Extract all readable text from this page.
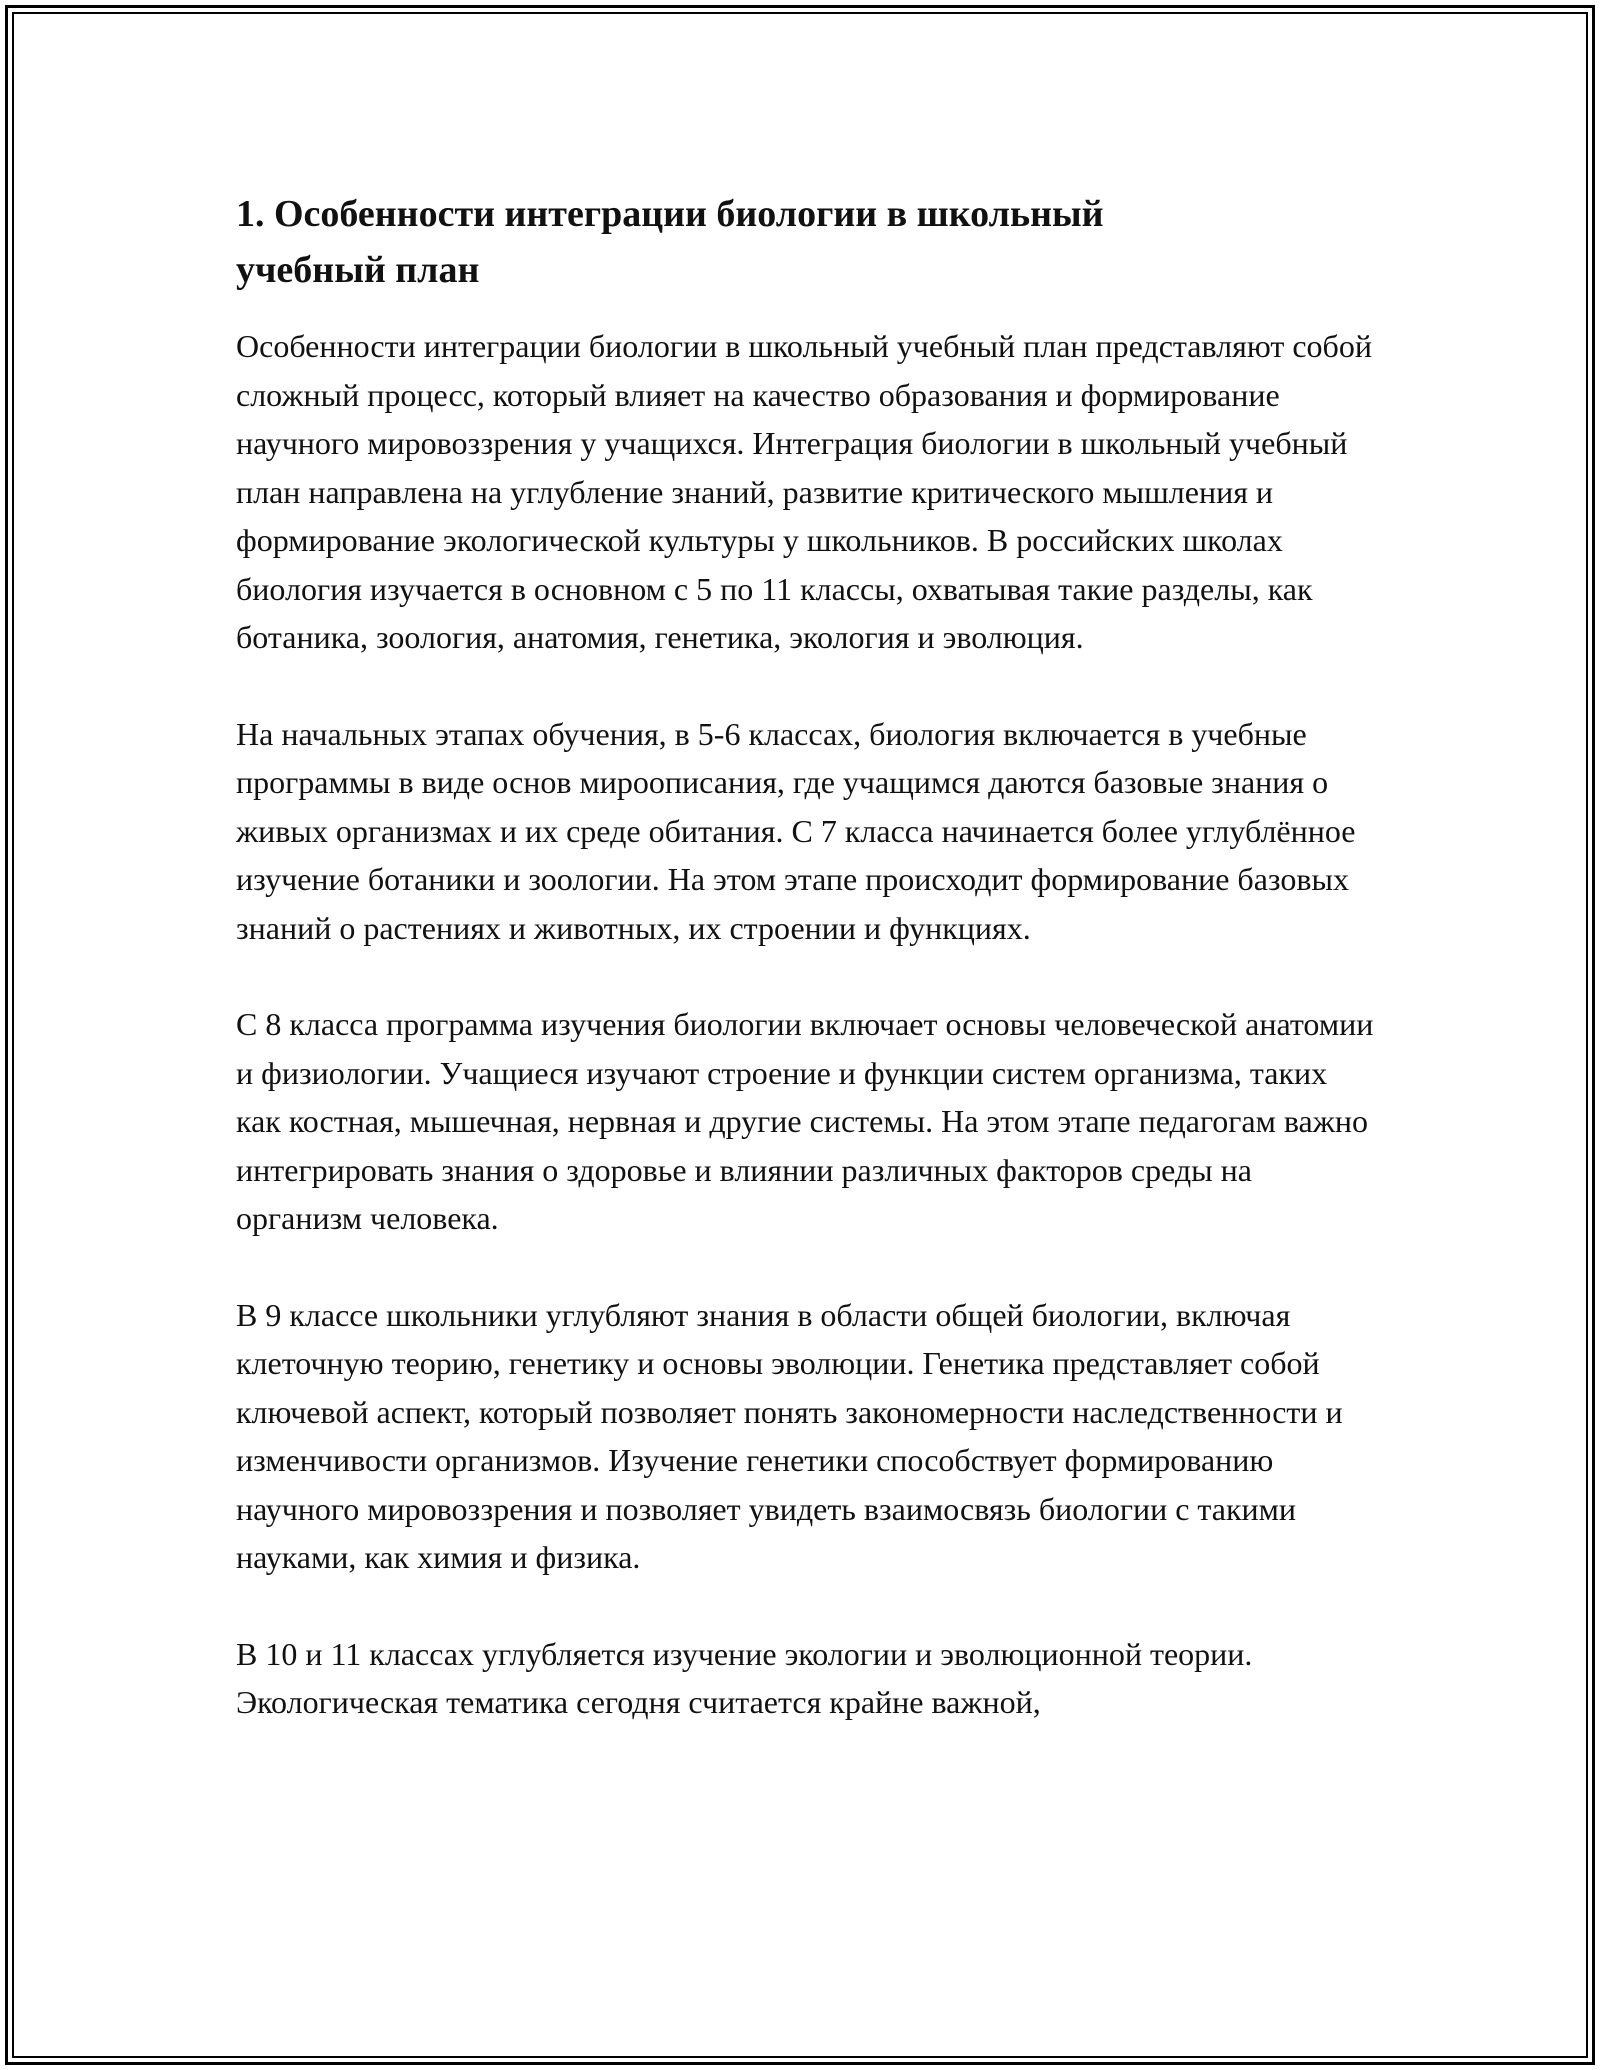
1. Особенности интеграции биологии в школьный учебный план

Особенности интеграции биологии в школьный учебный план представляют собой сложный процесс, который влияет на качество образования и формирование научного мировоззрения у учащихся. Интеграция биологии в школьный учебный план направлена на углубление знаний, развитие критического мышления и формирование экологической культуры у школьников. В российских школах биология изучается в основном с 5 по 11 классы, охватывая такие разделы, как ботаника, зоология, анатомия, генетика, экология и эволюция.

На начальных этапах обучения, в 5-6 классах, биология включается в учебные программы в виде основ мироописания, где учащимся даются базовые знания о живых организмах и их среде обитания. С 7 класса начинается более углублённое изучение ботаники и зоологии. На этом этапе происходит формирование базовых знаний о растениях и животных, их строении и функциях.

С 8 класса программа изучения биологии включает основы человеческой анатомии и физиологии. Учащиеся изучают строение и функции систем организма, таких как костная, мышечная, нервная и другие системы. На этом этапе педагогам важно интегрировать знания о здоровье и влиянии различных факторов среды на организм человека.

В 9 классе школьники углубляют знания в области общей биологии, включая клеточную теорию, генетику и основы эволюции. Генетика представляет собой ключевой аспект, который позволяет понять закономерности наследственности и изменчивости организмов. Изучение генетики способствует формированию научного мировоззрения и позволяет увидеть взаимосвязь биологии с такими науками, как химия и физика.

В 10 и 11 классах углубляется изучение экологии и эволюционной теории. Экологическая тематика сегодня считается крайне важной,
